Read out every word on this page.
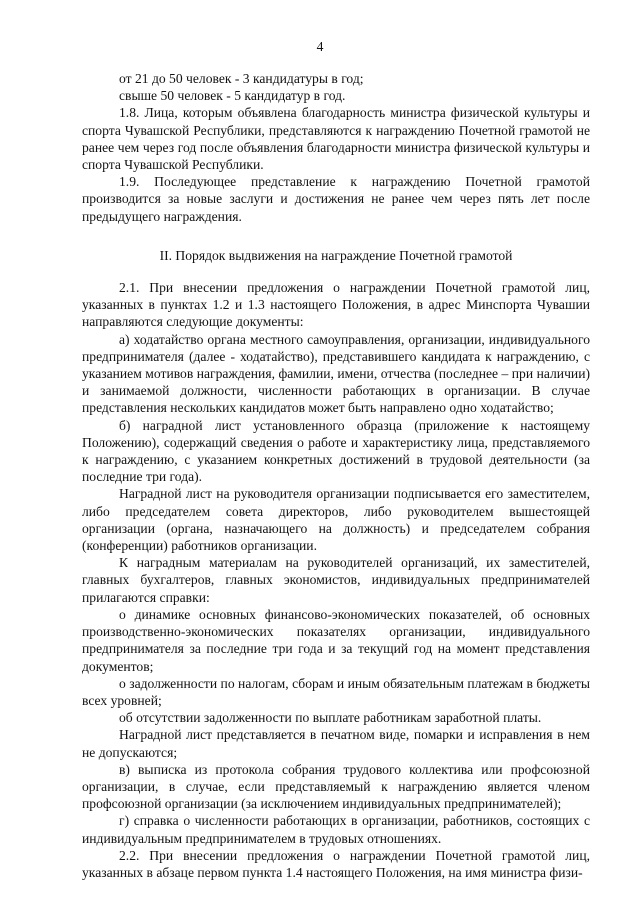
4

от 21 до 50 человек - 3 кандидатуры в год;

свыше 50 человек - 5 кандидатур в год.

1.8. Лица, которым объявлена благодарность министра физической культуры и спорта Чувашской Республики, представляются к награждению Почетной грамотой не ранее чем через год после объявления благодарности министра физической культуры и спорта Чувашской Республики.

1.9. Последующее представление к награждению Почетной грамотой производится за новые заслуги и достижения не ранее чем через пять лет после предыдущего награждения.

II. Порядок выдвижения на награждение Почетной грамотой

2.1. При внесении предложения о награждении Почетной грамотой лиц, указанных в пунктах 1.2 и 1.3 настоящего Положения, в адрес Минспорта Чувашии направляются следующие документы:

а) ходатайство органа местного самоуправления, организации, индивидуального предпринимателя (далее - ходатайство), представившего кандидата к награждению, с указанием мотивов награждения, фамилии, имени, отчества (последнее – при наличии) и занимаемой должности, численности работающих в организации. В случае представления нескольких кандидатов может быть направлено одно ходатайство;

б) наградной лист установленного образца (приложение к настоящему Положению), содержащий сведения о работе и характеристику лица, представляемого к награждению, с указанием конкретных достижений в трудовой деятельности (за последние три года).

Наградной лист на руководителя организации подписывается его заместителем, либо председателем совета директоров, либо руководителем вышестоящей организации (органа, назначающего на должность) и председателем собрания (конференции) работников организации.

К наградным материалам на руководителей организаций, их заместителей, главных бухгалтеров, главных экономистов, индивидуальных предпринимателей прилагаются справки:

о динамике основных финансово-экономических показателей, об основных производственно-экономических показателях организации, индивидуального предпринимателя за последние три года и за текущий год на момент представления документов;

о задолженности по налогам, сборам и иным обязательным платежам в бюджеты всех уровней;

об отсутствии задолженности по выплате работникам заработной платы.

Наградной лист представляется в печатном виде, помарки и исправления в нем не допускаются;

в) выписка из протокола собрания трудового коллектива или профсоюзной организации, в случае, если представляемый к награждению является членом профсоюзной организации (за исключением индивидуальных предпринимателей);

г) справка о численности работающих в организации, работников, состоящих с индивидуальным предпринимателем в трудовых отношениях.

2.2. При внесении предложения о награждении Почетной грамотой лиц, указанных в абзаце первом пункта 1.4 настоящего Положения, на имя министра физи-
